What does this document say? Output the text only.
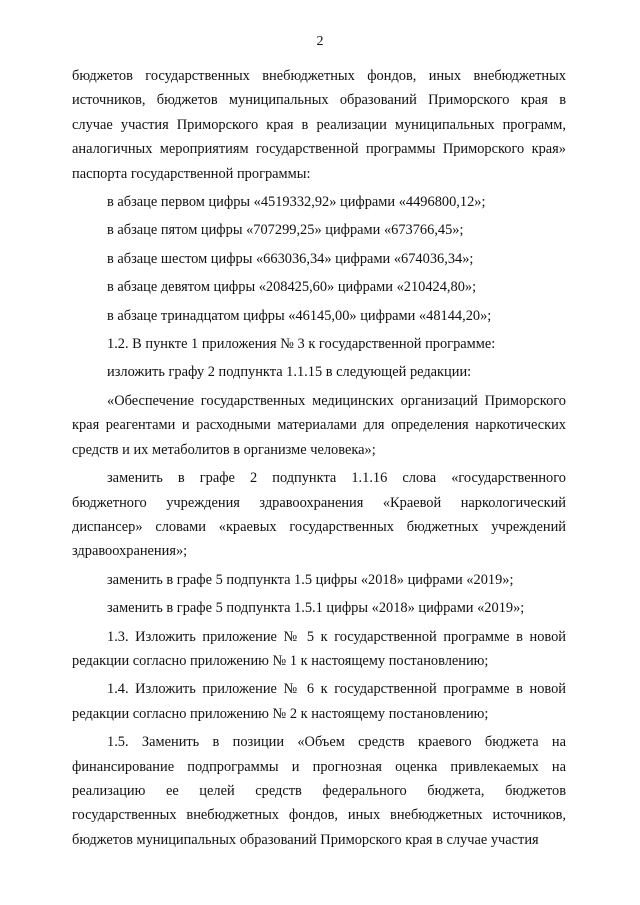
2

бюджетов государственных внебюджетных фондов, иных внебюджетных

источников, бюджетов муниципальных образований Приморского края в

случае участия Приморского края в реализации муниципальных программ,

аналогичных мероприятиям государственной программы Приморского края»

паспорта государственной программы:

в абзаце первом цифры «4519332,92» цифрами «4496800,12»;

в абзаце пятом цифры «707299,25» цифрами «673766,45»;

в абзаце шестом цифры «663036,34» цифрами «674036,34»;

в абзаце девятом цифры «208425,60» цифрами «210424,80»;

в абзаце тринадцатом цифры «46145,00» цифрами «48144,20»;

1.2. В пункте 1 приложения № 3 к государственной программе:

изложить графу 2 подпункта 1.1.15 в следующей редакции:

«Обеспечение государственных медицинских организаций Приморского

края реагентами и расходными материалами для определения наркотических

средств и их метаболитов в организме человека»;

заменить в графе 2 подпункта 1.1.16 слова «государственного

бюджетного учреждения здравоохранения «Краевой наркологический

диспансер» словами «краевых государственных бюджетных учреждений

здравоохранения»;

заменить в графе 5 подпункта 1.5 цифры «2018» цифрами «2019»;

заменить в графе 5 подпункта 1.5.1 цифры «2018» цифрами «2019»;

1.3. Изложить приложение № 5 к государственной программе в новой

редакции согласно приложению № 1 к настоящему постановлению;

1.4. Изложить приложение № 6 к государственной программе в новой

редакции согласно приложению № 2 к настоящему постановлению;

1.5. Заменить в позиции «Объем средств краевого бюджета на

финансирование подпрограммы и прогнозная оценка привлекаемых на

реализацию ее целей средств федерального бюджета, бюджетов

государственных внебюджетных фондов, иных внебюджетных источников,

бюджетов муниципальных образований Приморского края в случае участия
